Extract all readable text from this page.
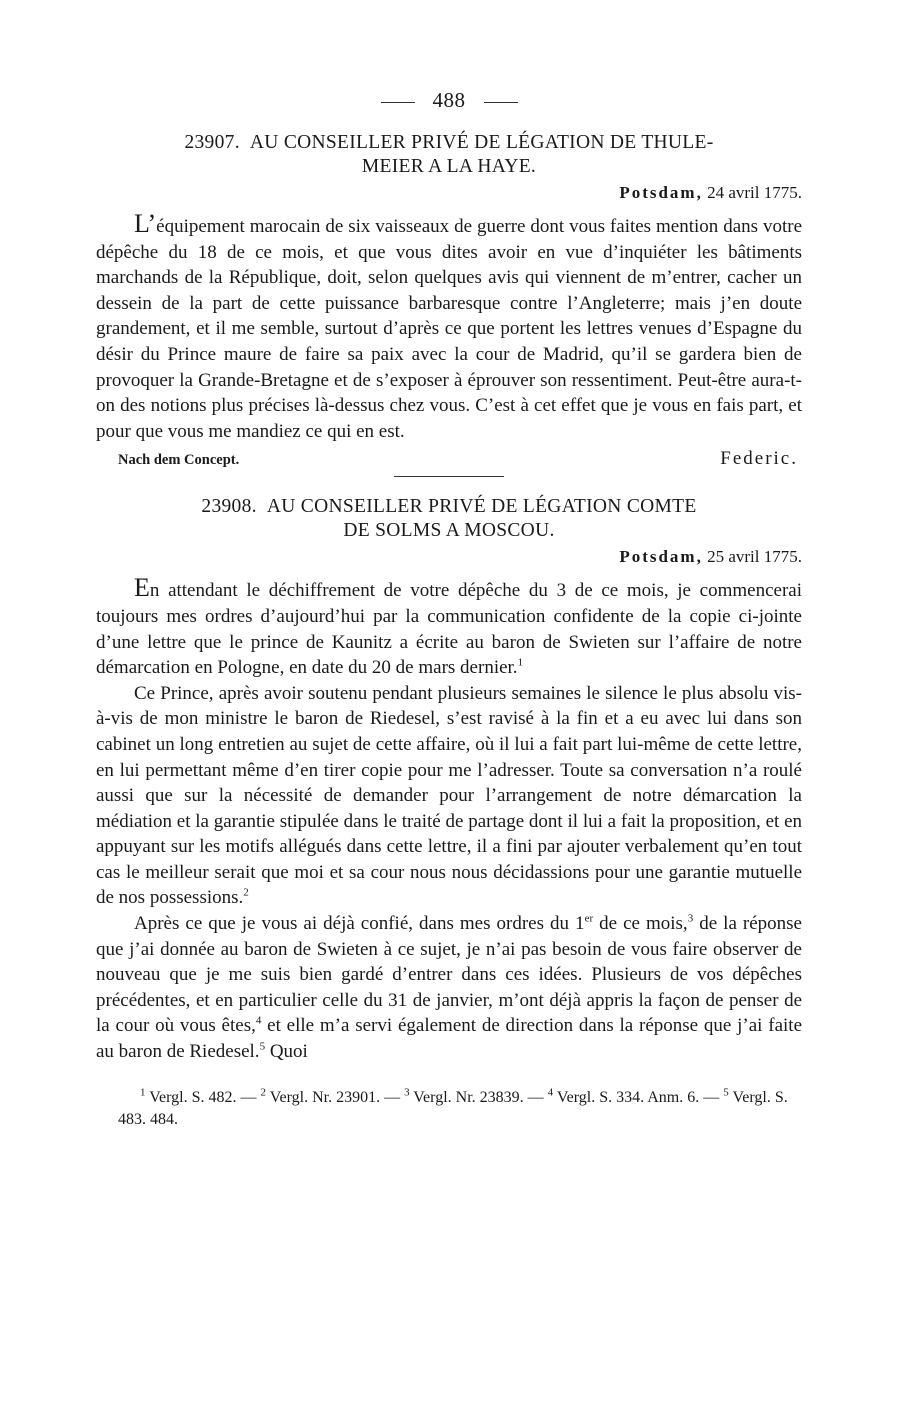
488
23907. AU CONSEILLER PRIVÉ DE LÉGATION DE THULE-
MEIER A LA HAYE.
Potsdam, 24 avril 1775.

L’équipement marocain de six vaisseaux de guerre dont vous faites mention dans votre dépêche du 18 de ce mois, et que vous dites avoir en vue d’inquiéter les bâtiments marchands de la République, doit, selon quelques avis qui viennent de m’entrer, cacher un dessein de la part de cette puissance barbaresque contre l’Angleterre; mais j’en doute grandement, et il me semble, surtout d’après ce que portent les lettres venues d’Espagne du désir du Prince maure de faire sa paix avec la cour de Madrid, qu’il se gardera bien de provoquer la Grande-Bretagne et de s’exposer à éprouver son ressentiment. Peut-être aura-t-on des notions plus précises là-dessus chez vous. C’est à cet effet que je vous en fais part, et pour que vous me mandiez ce qui en est.

Nach dem Concept.	Federic.
23908. AU CONSEILLER PRIVÉ DE LÉGATION COMTE
DE SOLMS A MOSCOU.
Potsdam, 25 avril 1775.

En attendant le déchiffrement de votre dépêche du 3 de ce mois, je commencerai toujours mes ordres d’aujourd’hui par la communication confidente de la copie ci-jointe d’une lettre que le prince de Kaunitz a écrite au baron de Swieten sur l’affaire de notre démarcation en Pologne, en date du 20 de mars dernier.$^1$

Ce Prince, après avoir soutenu pendant plusieurs semaines le silence le plus absolu vis-à-vis de mon ministre le baron de Riedesel, s’est ravisé à la fin et a eu avec lui dans son cabinet un long entretien au sujet de cette affaire, où il lui a fait part lui-même de cette lettre, en lui permettant même d’en tirer copie pour me l’adresser. Toute sa conversation n’a roulé aussi que sur la nécessité de demander pour l’arrangement de notre démarcation la médiation et la garantie stipulée dans le traité de partage dont il lui a fait la proposition, et en appuyant sur les motifs allégués dans cette lettre, il a fini par ajouter verbalement qu’en tout cas le meilleur serait que moi et sa cour nous nous décidassions pour une garantie mutuelle de nos possessions.$^2$

Après ce que je vous ai déjà confié, dans mes ordres du 1er de ce mois,$^3$ de la réponse que j’ai donnée au baron de Swieten à ce sujet, je n’ai pas besoin de vous faire observer de nouveau que je me suis bien gardé d’entrer dans ces idées. Plusieurs de vos dépêches précédentes, et en particulier celle du 31 de janvier, m’ont déjà appris la façon de penser de la cour où vous êtes,$^4$ et elle m’a servi également de direction dans la réponse que j’ai faite au baron de Riedesel.$^5$ Quoi

$^1$ Vergl. S. 482. — $^2$ Vergl. Nr. 23901. — $^3$ Vergl. Nr. 23839. — $^4$ Vergl. S. 334. Anm. 6. — $^5$ Vergl. S. 483. 484.
